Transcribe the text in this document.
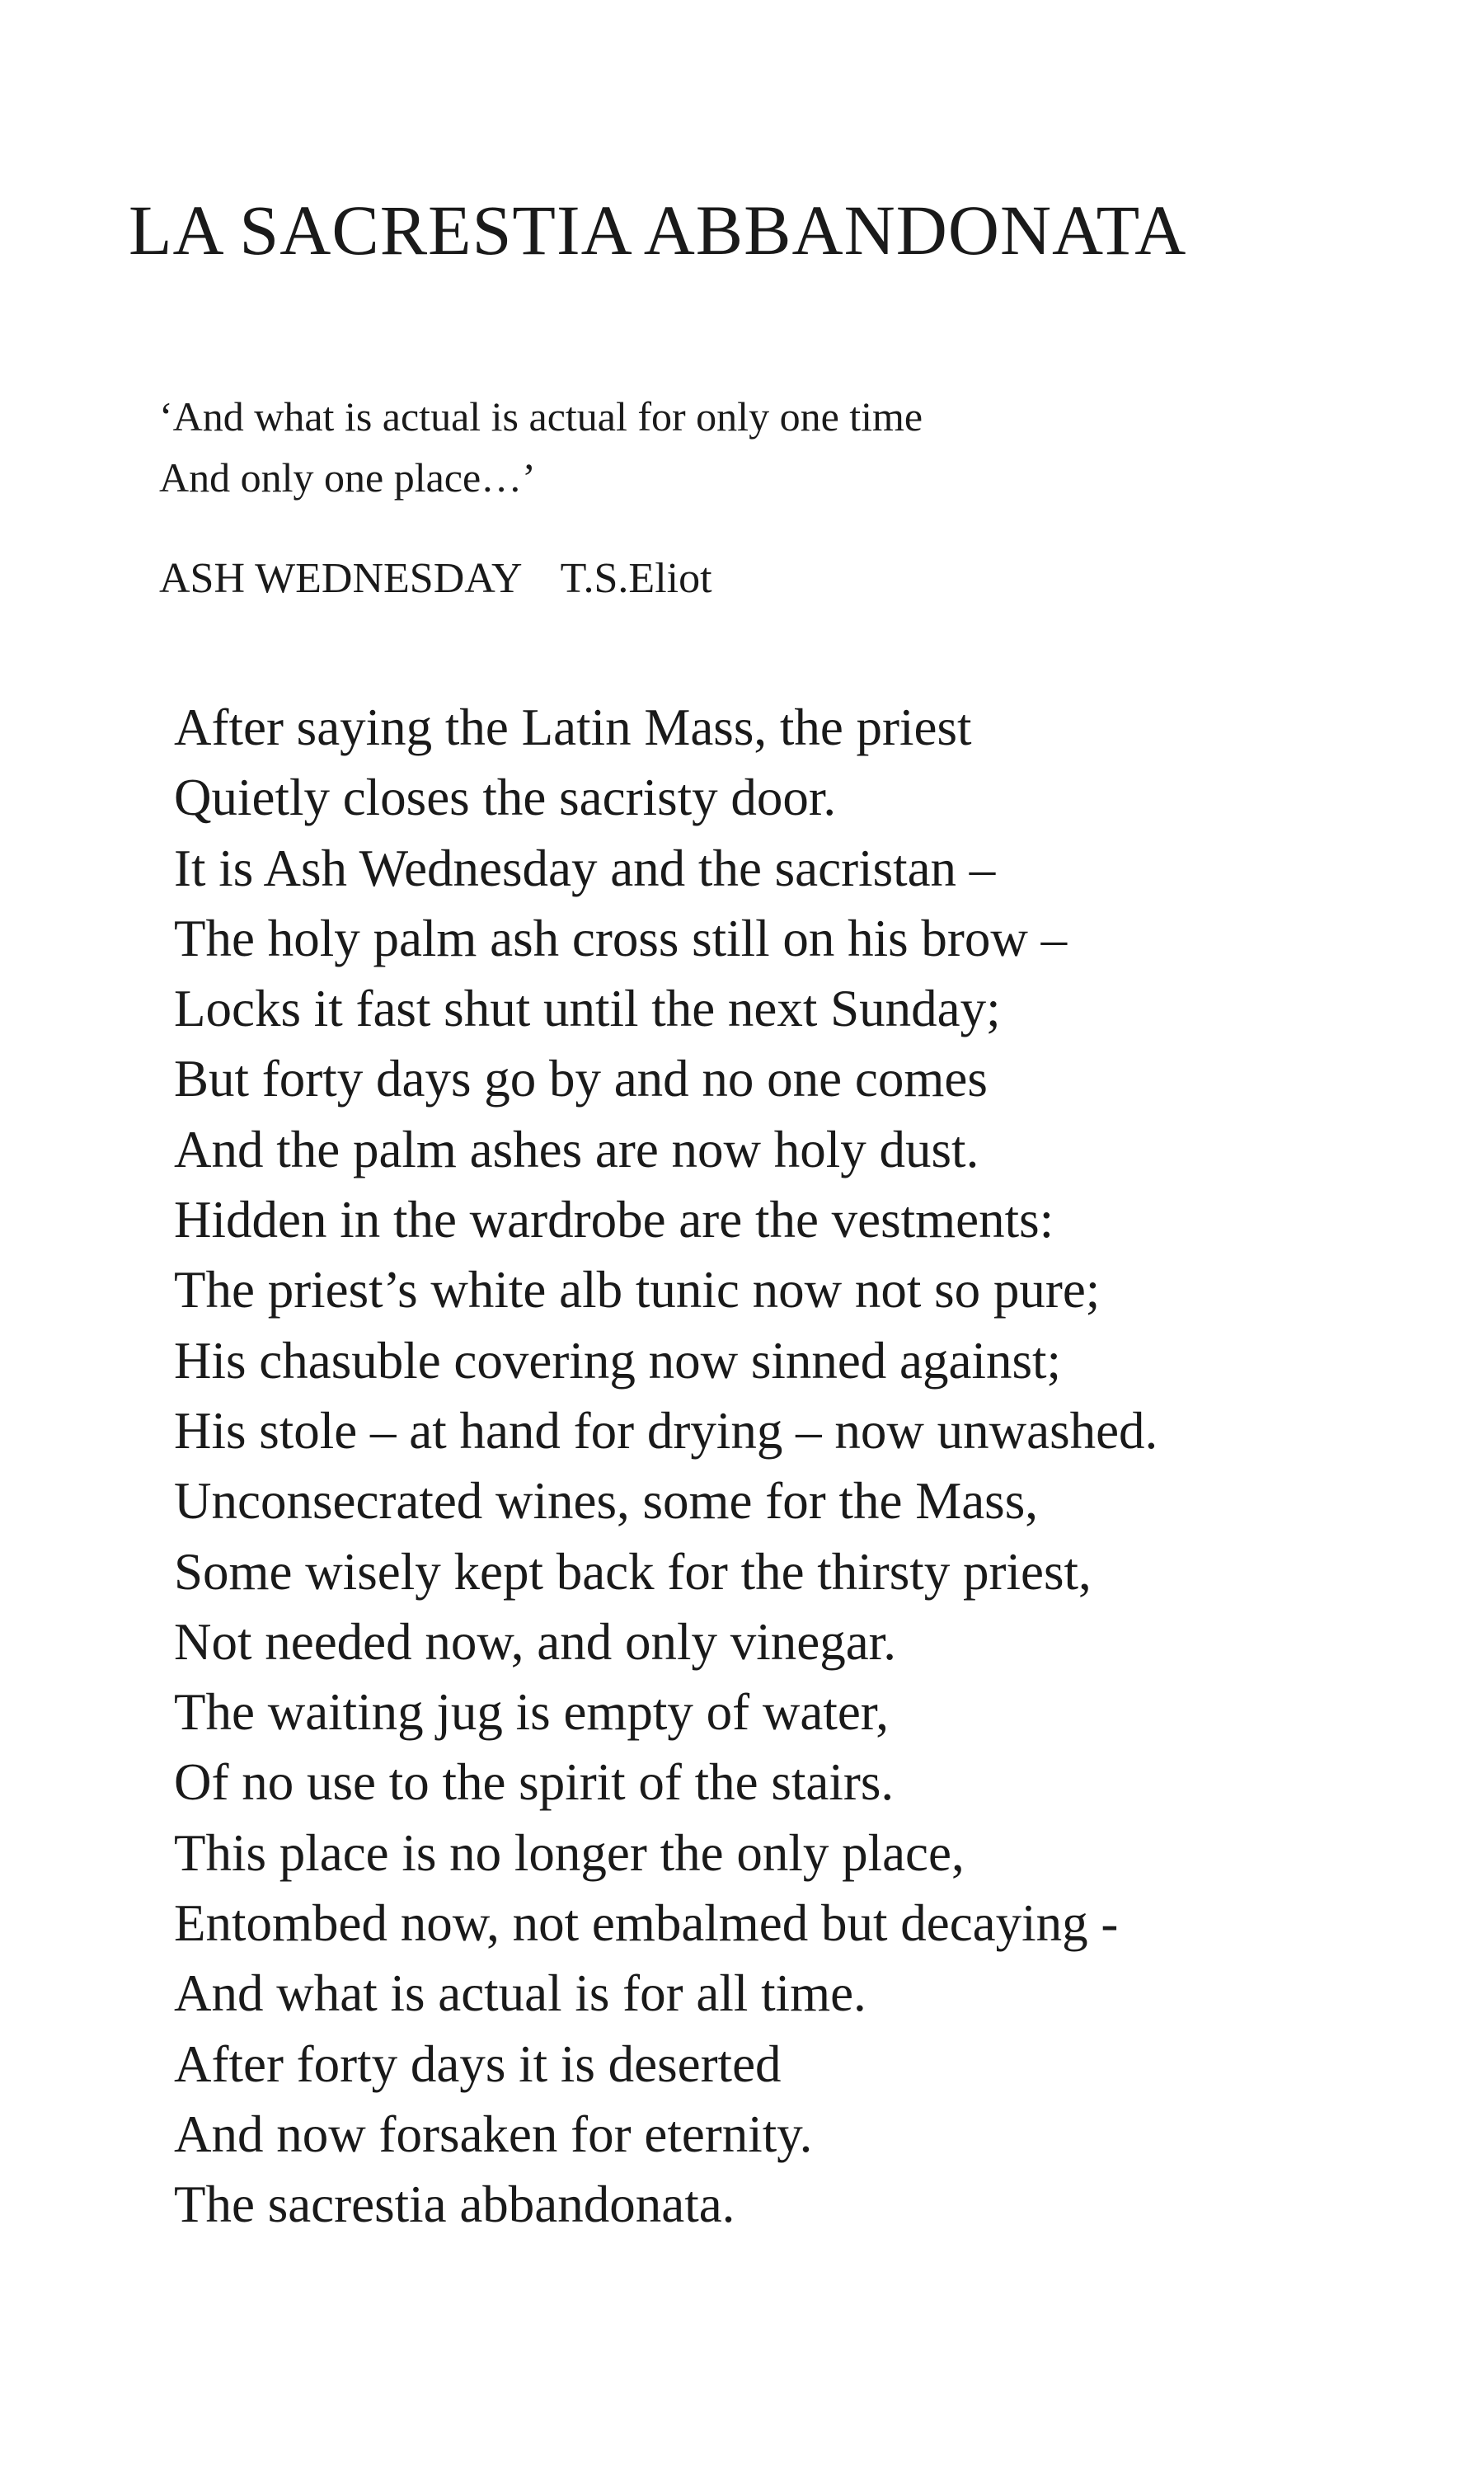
LA SACRESTIA ABBANDONATA
‘And what is actual is actual for only one time
And only one place…’
ASH WEDNESDAY T.S.Eliot
After saying the Latin Mass, the priest
Quietly closes the sacristy door.
It is Ash Wednesday and the sacristan –
The holy palm ash cross still on his brow –
Locks it fast shut until the next Sunday;
But forty days go by and no one comes
And the palm ashes are now holy dust.
Hidden in the wardrobe are the vestments:
The priest’s white alb tunic now not so pure;
His chasuble covering now sinned against;
His stole – at hand for drying – now unwashed.
Unconsecrated wines, some for the Mass,
Some wisely kept back for the thirsty priest,
Not needed now, and only vinegar.
The waiting jug is empty of water,
Of no use to the spirit of the stairs.
This place is no longer the only place,
Entombed now, not embalmed but decaying -
And what is actual is for all time.
After forty days it is deserted
And now forsaken for eternity.
The sacrestia abbandonata.
